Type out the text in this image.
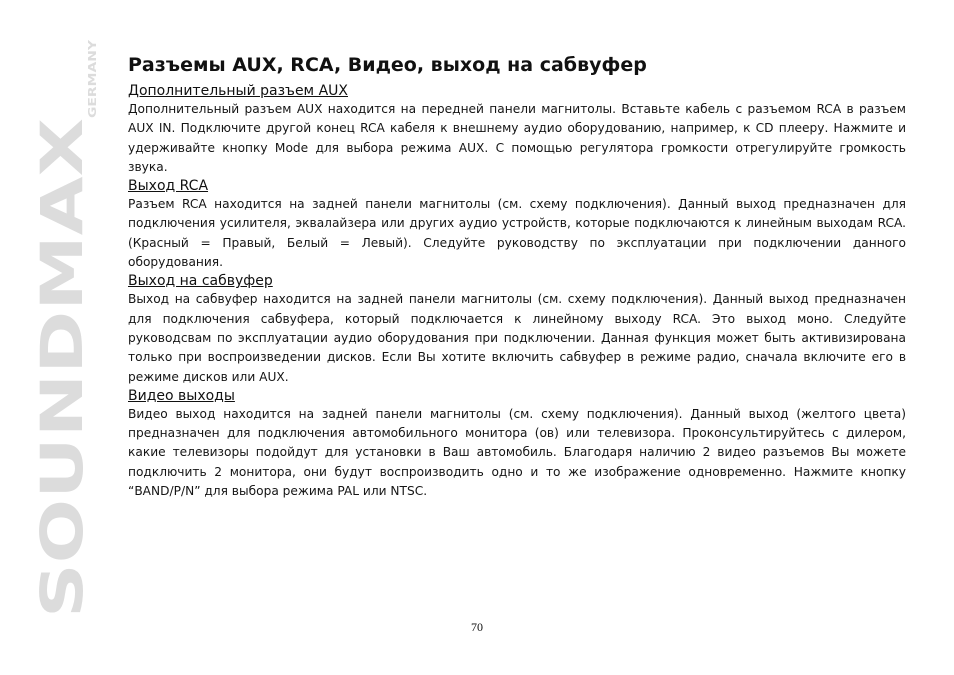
SOUNDMAX
GERMANY Разъемы AUX, RCA, Видео, выход на сабвуфер
Дополнительный разъем AUX

Дополнительный разъем AUX находится на передней панели магнитолы. Вставьте кабель с разъемом RCA в разъем AUX IN. Подключите другой конец RCA кабеля к внешнему аудио оборудованию, например, к CD плееру. Нажмите и удерживайте кнопку Mode для выбора режима AUX. С помощью регулятора громкости отрегулируйте громкость звука.

Выход RCA

Разъем RCA находится на задней панели магнитолы (см. схему подключения). Данный выход предназначен для подключения усилителя, эквалайзера или других аудио устройств, которые подключаются к линейным выходам RCA. (Красный = Правый, Белый = Левый). Следуйте руководству по эксплуатации при подключении данного оборудования.

Выход на сабвуфер

Выход на сабвуфер находится на задней панели магнитолы (см. схему подключения). Данный выход предназначен для подключения сабвуфера, который подключается к линейному выходу RCA. Это выход моно. Следуйте руководсвам по эксплуатации аудио оборудования при подключении. Данная функция может быть активизирована только при воспроизведении дисков. Если Вы хотите включить сабвуфер в режиме радио, сначала включите его в режиме дисков или AUX.

Видео выходы

Видео выход находится на задней панели магнитолы (см. схему подключения). Данный выход (желтого цвета) предназначен для подключения автомобильного монитора (ов) или телевизора. Проконсультируйтесь с дилером, какие телевизоры подойдут для установки в Ваш автомобиль. Благодаря наличию 2 видео разъемов Вы можете подключить 2 монитора, они будут воспроизводить одно и то же изображение одновременно. Нажмите кнопку “BAND/P/N” для выбора режима PAL или NTSC.

70
